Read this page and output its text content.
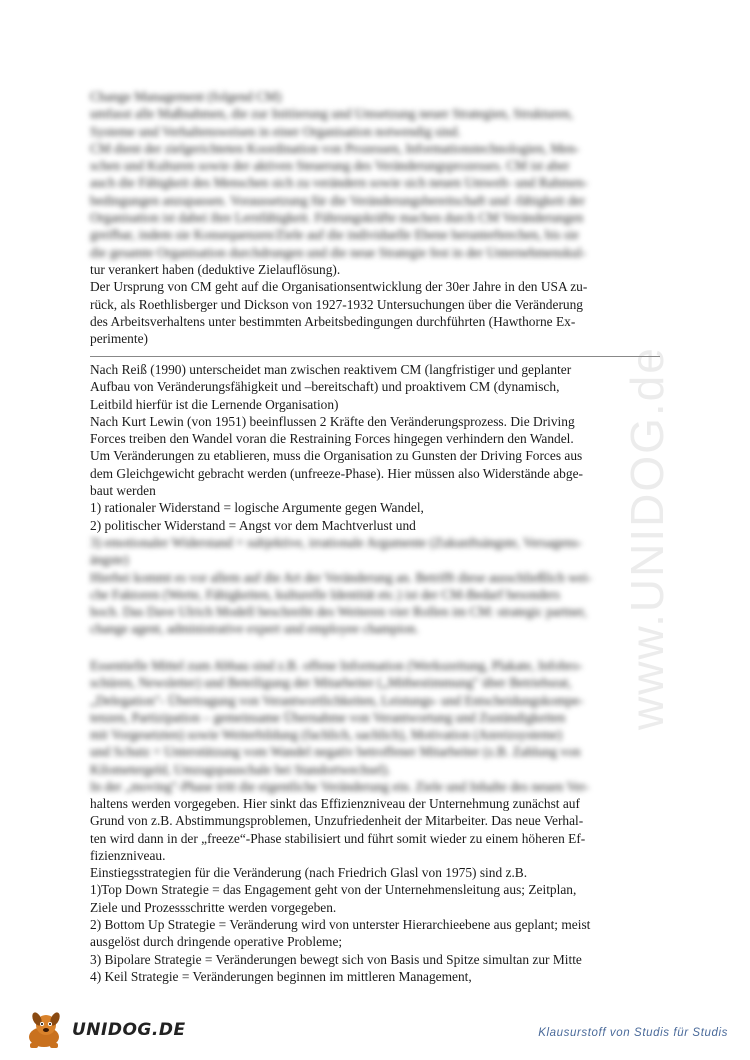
www.UNIDOG.de

Change Management (folgend CM)

umfasst alle Maßnahmen, die zur Initiierung und Umsetzung neuer Strategien, Strukturen,

Systeme und Verhaltensweisen in einer Organisation notwendig sind.

CM dient der zielgerichteten Koordination von Prozessen, Informationstechnologien, Men-

schen und Kulturen sowie der aktiven Steuerung des Veränderungsprozesses. CM ist aber

auch die Fähigkeit des Menschen sich zu verändern sowie sich neuen Umwelt- und Rahmen-

bedingungen anzupassen. Voraussetzung für die Veränderungsbereitschaft und -fähigkeit der

Organisation ist dabei ihre Lernfähigkeit. Führungskräfte machen durch CM Veränderungen

greifbar, indem sie Konsequenzen/Ziele auf die individuelle Ebene herunterbrechen, bis sie

die gesamte Organisation durchdrungen und die neue Strategie fest in der Unternehmenskul-

tur verankert haben (deduktive Zielauflösung).

Der Ursprung von CM geht auf die Organisationsentwicklung der 30er Jahre in den USA zu-

rück, als Roethlisberger und Dickson von 1927-1932 Untersuchungen über die Veränderung

des Arbeitsverhaltens unter bestimmten Arbeitsbedingungen durchführten (Hawthorne Ex-

perimente)

Nach Reiß (1990) unterscheidet man zwischen reaktivem CM (langfristiger und geplanter

Aufbau von Veränderungsfähigkeit und –bereitschaft) und proaktivem CM (dynamisch,

Leitbild hierfür ist die Lernende Organisation)

Nach Kurt Lewin (von 1951) beeinflussen 2 Kräfte den Veränderungsprozess. Die Driving

Forces treiben den Wandel voran die Restraining Forces hingegen verhindern den Wandel.

Um Veränderungen zu etablieren, muss die Organisation zu Gunsten der Driving Forces aus

dem Gleichgewicht gebracht werden (unfreeze-Phase). Hier müssen also Widerstände abge-

baut werden

1) rationaler Widerstand = logische Argumente gegen Wandel,

2) politischer Widerstand = Angst vor dem Machtverlust und

3) emotionaler Widerstand = subjektive, irrationale Argumente (Zukunftsängste, Versagens-

ängste)

Hierbei kommt es vor allem auf die Art der Veränderung an. Betrifft diese ausschließlich wei-

che Faktoren (Werte, Fähigkeiten, kulturelle Identität etc.) ist der CM-Bedarf besonders

hoch. Das Dave Ulrich Modell beschreibt des Weiteren vier Rollen im CM: strategic partner,

change agent, administrative expert und employee champion.

Essentielle Mittel zum Abbau sind z.B. offene Information (Werkszeitung, Plakate, Infobro-

schüren, Newsletter) und Beteiligung der Mitarbeiter („Mitbestimmung" über Betriebsrat,

„Delegation"- Übertragung von Verantwortlichkeiten, Leistungs- und Entscheidungskompe-

tenzen, Partizipation – gemeinsame Übernahme von Verantwortung und Zuständigkeiten

mit Vorgesetzten) sowie Weiterbildung (fachlich, sachlich), Motivation (Anreizsysteme)

und Schutz = Unterstützung vom Wandel negativ betroffener Mitarbeiter (z.B. Zahlung von

Kilometergeld, Umzugspauschale bei Standortwechsel).

In der „moving"-Phase tritt die eigentliche Veränderung ein. Ziele und Inhalte des neuen Ver-

haltens werden vorgegeben. Hier sinkt das Effizienzniveau der Unternehmung zunächst auf

Grund von z.B. Abstimmungsproblemen, Unzufriedenheit der Mitarbeiter. Das neue Verhal-

ten wird dann in der „freeze“-Phase stabilisiert und führt somit wieder zu einem höheren Ef-

fizienzniveau.

Einstiegsstrategien für die Veränderung (nach Friedrich Glasl von 1975) sind z.B.

1)Top Down Strategie = das Engagement geht von der Unternehmensleitung aus; Zeitplan,

Ziele und Prozessschritte werden vorgegeben.

2) Bottom Up Strategie = Veränderung wird von unterster Hierarchieebene aus geplant; meist

ausgelöst durch dringende operative Probleme;

3) Bipolare Strategie = Veränderungen bewegt sich von Basis und Spitze simultan zur Mitte

4) Keil Strategie = Veränderungen beginnen im mittleren Management,

UNIDOG.DE	Klausurstoff von Studis für Studis
